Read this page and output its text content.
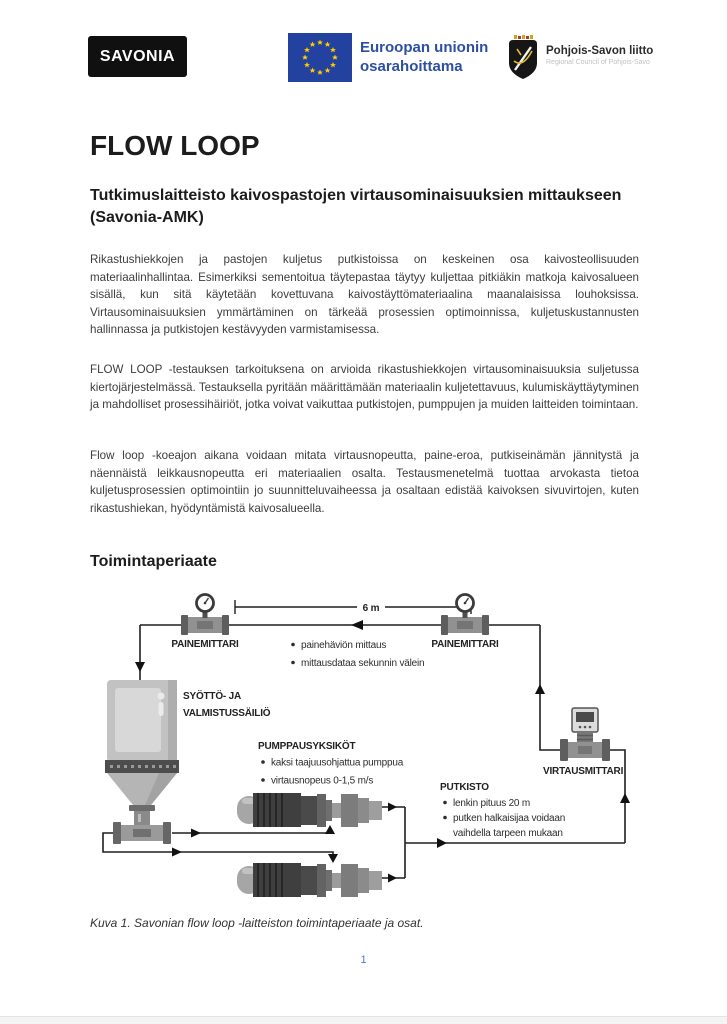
SAVONIA	Euroopan unionin
osarahoittama
Pohjois-Savon liitto
Regional Council of Pohjois-Savo
FLOW LOOP
Tutkimuslaitteisto kaivospastojen virtausominaisuuksien mittaukseen (Savonia-AMK)

Rikastushiekkojen ja pastojen kuljetus putkistoissa on keskeinen osa kaivosteollisuuden materiaalinhallintaa. Esimerkiksi sementoitua täytepastaa täytyy kuljettaa pitkiäkin matkoja kaivosalueen sisällä, kun sitä käytetään kovettuvana kaivostäyttömateriaalina maanalaisissa louhoksissa. Virtausominaisuuksien ymmärtäminen on tärkeää prosessien optimoinnissa, kuljetuskustannusten hallinnassa ja putkistojen kestävyyden varmistamisessa.

FLOW LOOP -testauksen tarkoituksena on arvioida rikastushiekkojen virtausominaisuuksia suljetussa kiertojärjestelmässä. Testauksella pyritään määrittämään materiaalin kuljetettavuus, kulumiskäyttäytyminen ja mahdolliset prosessihäiriöt, jotka voivat vaikuttaa putkistojen, pumppujen ja muiden laitteiden toimintaan.

Flow loop -koeajon aikana voidaan mitata virtausnopeutta, paine-eroa, putkiseinämän jännitystä ja näennäistä leikkausnopeutta eri materiaalien osalta. Testausmenetelmä tuottaa arvokasta tietoa kuljetusprosessien optimointiin jo suunnitteluvaiheessa ja osaltaan edistää kaivoksen sivuvirtojen, kuten rikastushiekan, hyödyntämistä kaivosalueella.

Toimintaperiaate
6 m
PAINEMITTARI	PAINEMITTARI
painehäviön mittaus
mittausdataa sekunnin välein
SYÖTTÖ- JA
VALMISTUSSÄILIÖ
PUMPPAUSYKSIKÖT
kaksi taajuusohjattua pumppua
virtausnopeus 0-1,5 m/s
PUTKISTO
lenkin pituus 20 m
putken halkaisijaa voidaan
vaihdella tarpeen mukaan
VIRTAUSMITTARI
Kuva 1. Savonian flow loop -laitteiston toimintaperiaate ja osat.
1
